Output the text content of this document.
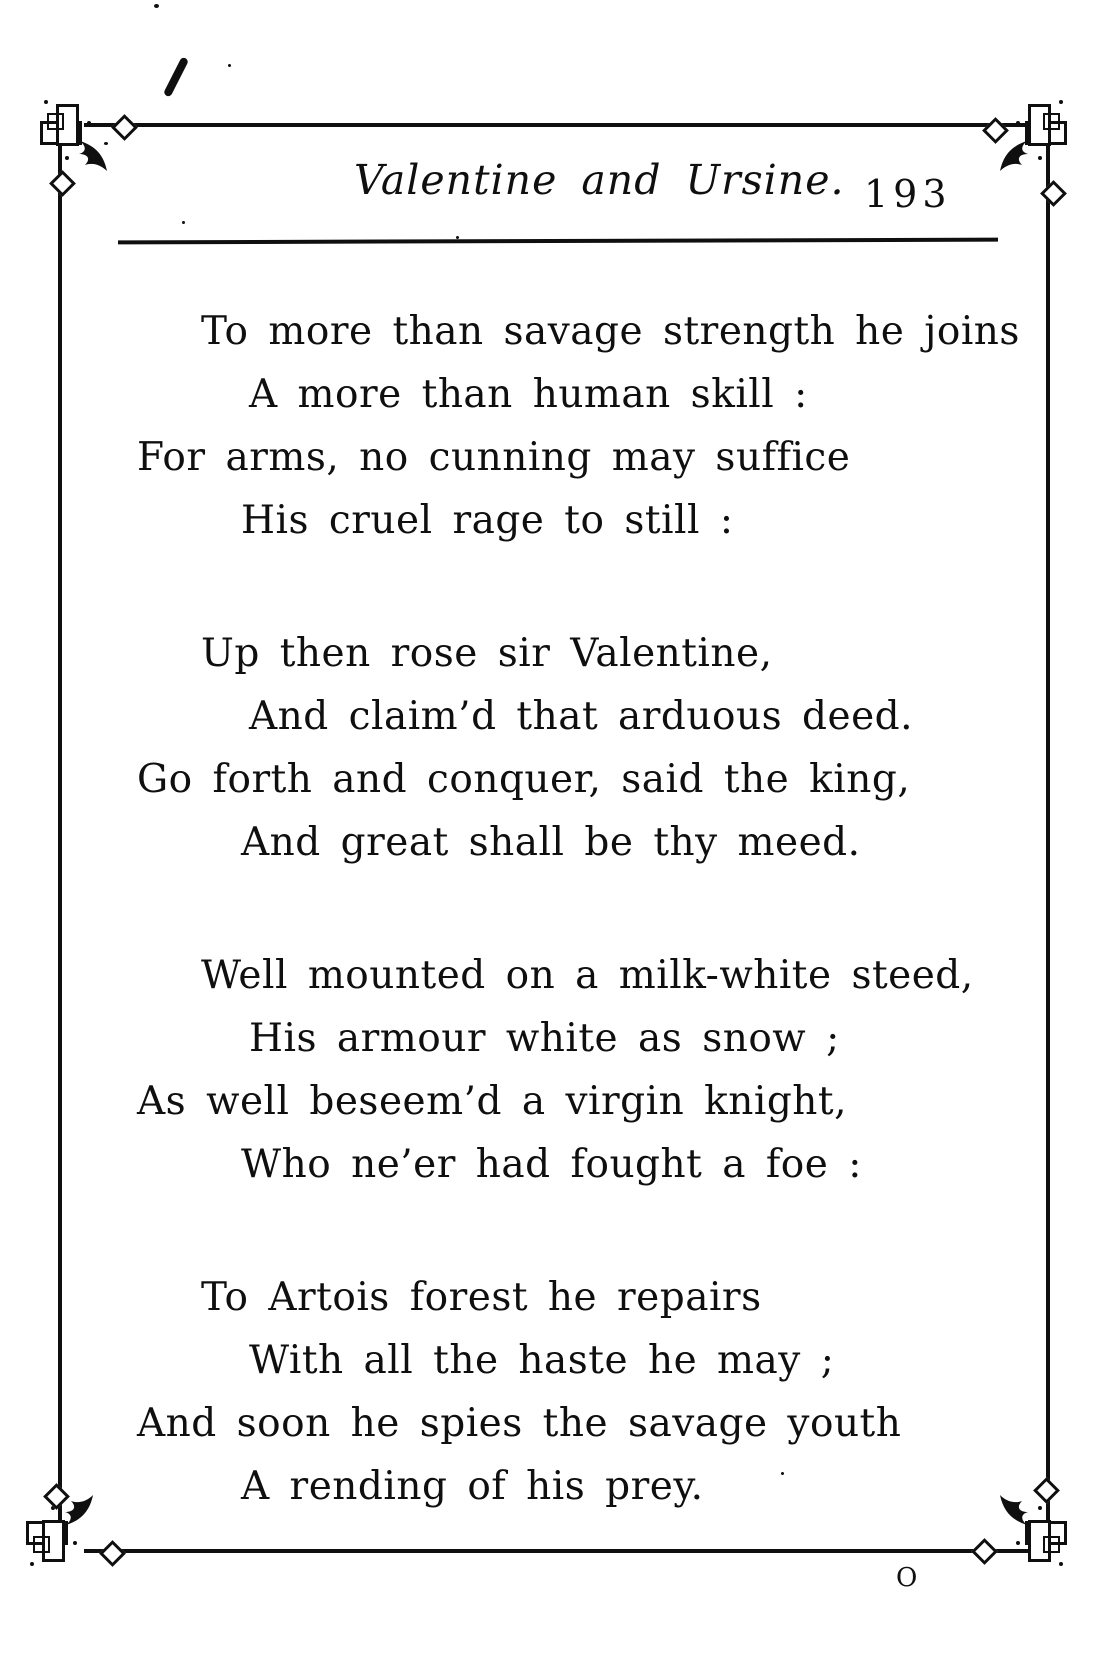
Valentine and Ursine. 193

To more than savage strength he joins

A more than human skill :

For arms, no cunning may suffice

His cruel rage to still :

Up then rose sir Valentine,

And claim’d that arduous deed.

Go forth and conquer, said the king,

And great shall be thy meed.

Well mounted on a milk-white steed,

His armour white as snow ;

As well beseem’d a virgin knight,

Who ne’er had fought a foe :

To Artois forest he repairs

With all the haste he may ;

And soon he spies the savage youth

A rending of his prey.

O
